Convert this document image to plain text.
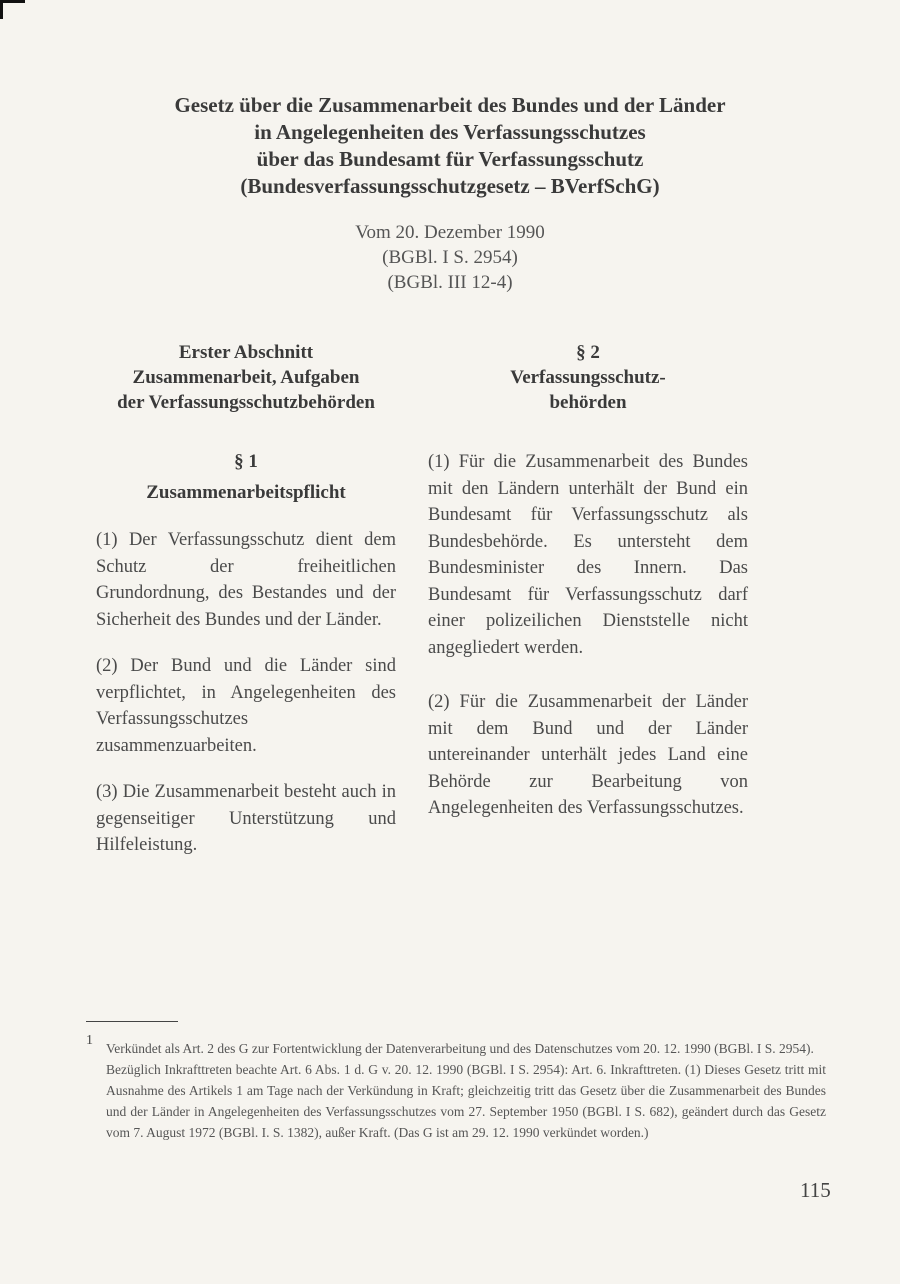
Gesetz über die Zusammenarbeit des Bundes und der Länder
in Angelegenheiten des Verfassungsschutzes
über das Bundesamt für Verfassungsschutz
(Bundesverfassungsschutzgesetz – BVerfSchG)
Vom 20. Dezember 1990
(BGBl. I S. 2954)
(BGBl. III 12-4)
Erster Abschnitt
Zusammenarbeit, Aufgaben
der Verfassungsschutzbehörden
§ 1
Zusammenarbeitspflicht

(1) Der Verfassungsschutz dient dem Schutz der freiheitlichen Grundordnung, des Bestandes und der Sicherheit des Bundes und der Länder.

(2) Der Bund und die Länder sind verpflichtet, in Angelegenheiten des Verfassungsschutzes zusammenzuarbeiten.

(3) Die Zusammenarbeit besteht auch in gegenseitiger Unterstützung und Hilfeleistung.

§ 2
Verfassungsschutz-
behörden

(1) Für die Zusammenarbeit des Bundes mit den Ländern unterhält der Bund ein Bundesamt für Verfassungsschutz als Bundesbehörde. Es untersteht dem Bundesminister des Innern. Das Bundesamt für Verfassungsschutz darf einer polizeilichen Dienststelle nicht angegliedert werden.

(2) Für die Zusammenarbeit der Länder mit dem Bund und der Länder untereinander unterhält jedes Land eine Behörde zur Bearbeitung von Angelegenheiten des Verfassungsschutzes.

1

Verkündet als Art. 2 des G zur Fortentwicklung der Datenverarbeitung und des Datenschutzes vom 20. 12. 1990 (BGBl. I S. 2954).

Bezüglich Inkrafttreten beachte Art. 6 Abs. 1 d. G v. 20. 12. 1990 (BGBl. I S. 2954): Art. 6. Inkrafttreten. (1) Dieses Gesetz tritt mit Ausnahme des Artikels 1 am Tage nach der Verkündung in Kraft; gleichzeitig tritt das Gesetz über die Zusammenarbeit des Bundes und der Länder in Angelegenheiten des Verfassungsschutzes vom 27. September 1950 (BGBl. I S. 682), geändert durch das Gesetz vom 7. August 1972 (BGBl. I. S. 1382), außer Kraft. (Das G ist am 29. 12. 1990 verkündet worden.)

115
